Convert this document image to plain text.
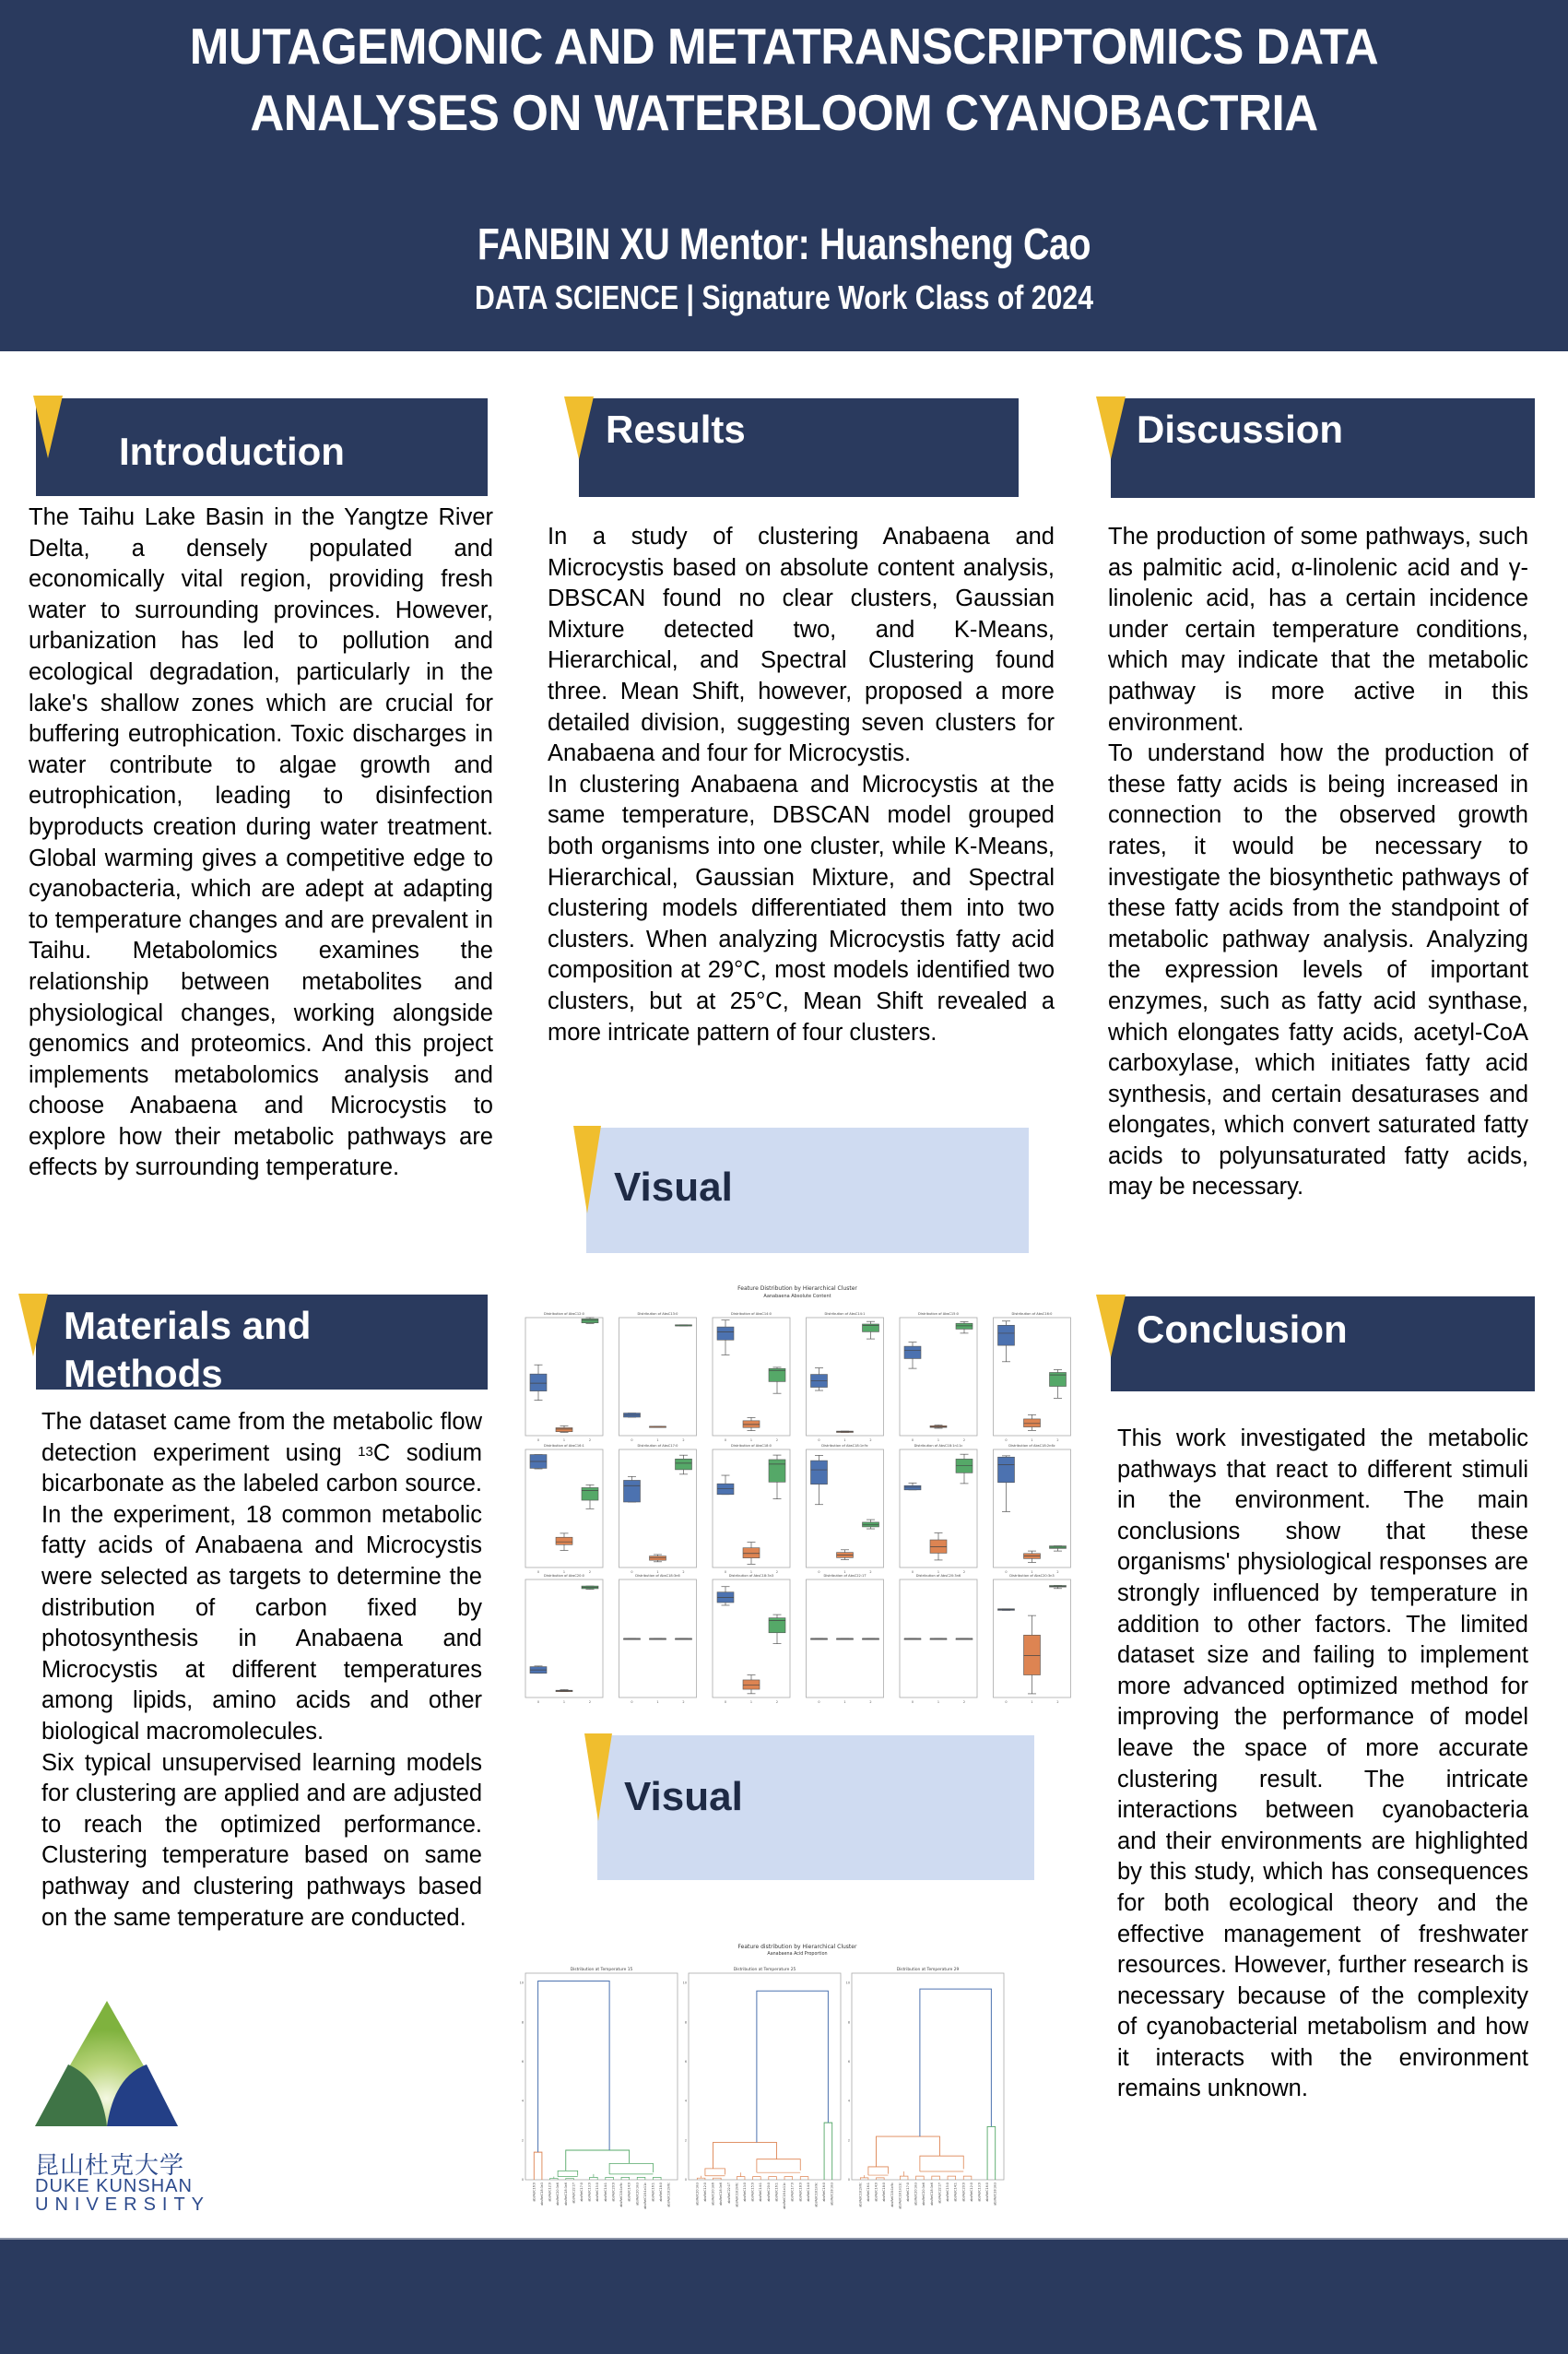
MUTAGEMONIC AND METATRANSCRIPTOMICS DATA
ANALYSES ON WATERBLOOM CYANOBACTRIA
FANBIN XU Mentor: Huansheng Cao
DATA SCIENCE | Signature Work Class of 2024
Introduction
The Taihu Lake Basin in the Yangtze River Delta, a densely populated and economically vital region, providing fresh water to surrounding provinces. However, urbanization has led to pollution and ecological degradation, particularly in the lake's shallow zones which are crucial for buffering eutrophication. Toxic discharges in water contribute to algae growth and eutrophication, leading to disinfection byproducts creation during water treatment. Global warming gives a competitive edge to cyanobacteria, which are adept at adapting to temperature changes and are prevalent in Taihu. Metabolomics examines the relationship between metabolites and physiological changes, working alongside genomics and proteomics. And this project implements metabolomics analysis and choose Anabaena and Microcystis to explore how their metabolic pathways are effects by surrounding temperature.
Materials and
Methods

The dataset came from the metabolic flow detection experiment using $^{13}$C sodium bicarbonate as the labeled carbon source. In the experiment, 18 common metabolic fatty acids of Anabaena and Microcystis were selected as targets to determine the distribution of carbon fixed by photosynthesis in Anabaena and Microcystis at different temperatures among lipids, amino acids and other biological macromolecules.

Six typical unsupervised learning models for clustering are applied and are adjusted to reach the optimized performance. Clustering temperature based on same pathway and clustering pathways based on the same temperature are conducted.

昆山杜克大学
DUKE KUNSHAN
UNIVERSITY
Results

In a study of clustering Anabaena and Microcystis based on absolute content analysis, DBSCAN found no clear clusters, Gaussian Mixture detected two, and K-Means, Hierarchical, and Spectral Clustering found three. Mean Shift, however, proposed a more detailed division, suggesting seven clusters for Anabaena and four for Microcystis.

In clustering Anabaena and Microcystis at the same temperature, DBSCAN model grouped both organisms into one cluster, while K-Means, Hierarchical, Gaussian Mixture, and Spectral clustering models differentiated them into two clusters. When analyzing Microcystis fatty acid composition at 29°C, most models identified two clusters, but at 25°C, Mean Shift revealed a more intricate pattern of four clusters.

Visual
Feature Distribution by Hierarchical Cluster
Aanabaena Absolute Content
Distribution of AbsC12:0
0	1	2
Distribution of AbsC13:0
0	1	2
Distribution of AbsC14:0
0	1	2
Distribution of AbsC14:1
0	1	2
Distribution of AbsC15:0
0	1	2
Distribution of AbsC16:0
0	1	2
Distribution of AbsC16:1
0	1	2
Distribution of AbsC17:0
0	1	2
Distribution of AbsC18:0
0	1	2
Distribution of AbsC18:1n9c
0	1	2
Distribution of AbsC18:1n11c
0	1	2
Distribution of AbsC18:2n6c
0	1	2
Distribution of AbsC20:0
0	1	2
Distribution of AbsC18:3n6
0	1	2
Distribution of AbsC18:3n3
0	1	2
Distribution of AbsC22:1T
0	1	2
Distribution of AbsC20:3n6
0	1	2
Distribution of AbsC20:3n3
0	1	2
Visual
Feature distribution by Hierarchical Cluster
Aanabaena Acid Proportion
Distribution at Temperature 15
0
2
4
6
8
10
absRelC16:0 absRelC18:3n3 absRelC12:0 absRelC20:3n6 absRelC18:3n6 absRelC22:1T absRelC17:0 absRelC13:0 absRelC15:0 absRelC14:1 absRelC20:0 absRelC18:1n9c absRelC14:0 absRelC20:3n3 absRelC18:1n11c absRelC16:1 absRelC18:0 absRelC18:2n6c
Distribution at Temperature 25
0
2
4
6
8
10
absRelC20:3n3 absRelC12:0 absRelC20:3n6 absRelC18:3n6 absRelC22:1T absRelC18:2n6c absRelC13:0 absRelC15:0 absRelC14:1 absRelC20:0 absRelC16:1 absRelC18:1n11c absRelC17:0 absRelC18:0 absRelC14:0 absRelC18:1n9c absRelC16:0 absRelC18:3n3
Distribution at Temperature 29
0
2
4
6
8
10
absRelC18:2n6c absRelC16:1 absRelC14:0 absRelC18:0 absRelC18:1n9c absRelC18:1n11c absRelC17:0 absRelC20:3n3 absRelC20:3n6 absRelC18:3n6 absRelC22:1T absRelC15:0 absRelC14:1 absRelC20:0 absRelC12:0 absRelC13:0 absRelC16:0 absRelC18:3n3
Discussion

The production of some pathways, such as palmitic acid, α-linolenic acid and γ-linolenic acid, has a certain incidence under certain temperature conditions, which may indicate that the metabolic pathway is more active in this environment.

To understand how the production of these fatty acids is being increased in connection to the observed growth rates, it would be necessary to investigate the biosynthetic pathways of these fatty acids from the standpoint of metabolic pathway analysis. Analyzing the expression levels of important enzymes, such as fatty acid synthase, which elongates fatty acids, acetyl-CoA carboxylase, which initiates fatty acid synthesis, and certain desaturases and elongates, which convert saturated fatty acids to polyunsaturated fatty acids, may be necessary.

Conclusion
This work investigated the metabolic pathways that react to different stimuli in the environment. The main conclusions show that these organisms' physiological responses are strongly influenced by temperature in addition to other factors. The limited dataset size and failing to implement more advanced optimized method for improving the performance of model leave the space of more accurate clustering result. The intricate interactions between cyanobacteria and their environments are highlighted by this study, which has consequences for both ecological theory and the effective management of freshwater resources. However, further research is necessary because of the complexity of cyanobacterial metabolism and how it interacts with the environment remains unknown.
